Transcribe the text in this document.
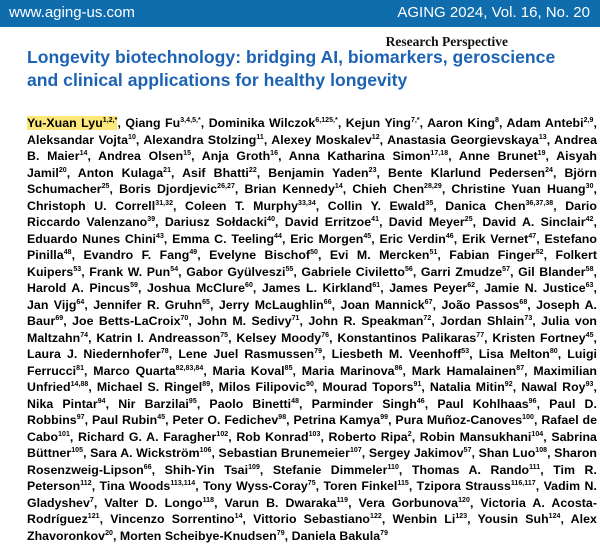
www.aging-us.com	AGING 2024, Vol. 16, No. 20
Research Perspective
Longevity biotechnology: bridging AI, biomarkers, geroscience and clinical applications for healthy longevity
Yu-Xuan Lyu$^{1,2,*}$, Qiang $Fu^{3,4,5,*}$, Dominika Wilczok$^{6,125,*}$, Kejun Ying$^{7,*}$, Aaron King$^8$, Adam Antebi$^{2,9}$, Aleksandar Vojta$^{10}$, Alexandra Stolzing$^{11}$, Alexey Moskalev$^{12}$, Anastasia Georgievskaya$^{13}$, Andrea B. Maier$^{14}$, Andrea Olsen$^{15}$, Anja Groth$^{16}$, Anna Katharina Simon$^{17,18}$, Anne Brunet$^{19}$, Aisyah Jamil$^{20}$, Anton Kulaga$^{21}$, Asif Bhatti$^{22}$, Benjamin Yaden$^{23}$, Bente Klarlund Pedersen$^{24}$, Björn Schumacher$^{25}$, Boris Djordjevic$^{26,27}$, Brian Kennedy$^{14}$, Chieh Chen$^{28,29}$, Christine Yuan Huang$^{30}$, Christoph U. Correll$^{31,32}$, Coleen T. Murphy$^{33,34}$, Collin Y. Ewald$^{35}$, Danica Chen$^{36,37,38}$, Dario Riccardo Valenzano$^{39}$, Dariusz Sołdacki$^{40}$, David Erritzoe$^{41}$, David Meyer$^{25}$, David A. Sinclair$^{42}$, Eduardo Nunes Chini$^{43}$, Emma C. Teeling$^{44}$, Eric Morgen$^{45}$, Eric Verdin$^{46}$, Erik Vernet$^{47}$, Estefano Pinilla$^{48}$, Evandro F. Fang$^{49}$, Evelyne Bischof$^{50}$, Evi M. Mercken$^{51}$, Fabian Finger$^{52}$, Folkert Kuipers$^{53}$, Frank W. Pun$^{54}$, Gabor Gyülveszi$^{55}$, Gabriele Civiletto$^{56}$, Garri Zmudze$^{57}$, Gil Blander$^{58}$, Harold A. Pincus$^{59}$, Joshua McClure$^{60}$, James L. Kirkland$^{61}$, James Peyer$^{62}$, Jamie N. Justice$^{63}$, Jan Vijg$^{64}$, Jennifer R. Gruhn$^{65}$, Jerry McLaughlin$^{66}$, Joan Mannick$^{67}$, João Passos$^{68}$, Joseph A. Baur$^{69}$, Joe Betts-LaCroix$^{70}$, John M. Sedivy$^{71}$, John R. Speakman$^{72}$, Jordan Shlain$^{73}$, Julia von Maltzahn$^{74}$, Katrin I. Andreasson$^{75}$, Kelsey Moody$^{76}$, Konstantinos Palikaras$^{77}$, Kristen Fortney$^{45}$, Laura J. Niedernhofer$^{78}$, Lene Juel Rasmussen$^{79}$, Liesbeth M. Veenhoff$^{53}$, Lisa Melton$^{80}$, Luigi Ferrucci$^{81}$, Marco Quarta$^{82,83,84}$, Maria Koval$^{85}$, Maria Marinova$^{86}$, Mark Hamalainen$^{87}$, Maximilian Unfried$^{14,88}$, Michael S. Ringel$^{89}$, Milos Filipovic$^{90}$, Mourad Topors$^{91}$, Natalia Mitin$^{92}$, Nawal Roy$^{93}$, Nika Pintar$^{94}$, Nir Barzilai$^{95}$, Paolo Binetti$^{48}$, Parminder Singh$^{46}$, Paul Kohlhaas$^{96}$, Paul D. Robbins$^{97}$, Paul Rubin$^{45}$, Peter O. Fedichev$^{98}$, Petrina Kamya$^{99}$, Pura Muñoz-Canoves$^{100}$, Rafael de Cabo$^{101}$, Richard G. A. Faragher$^{102}$, Rob Konrad$^{103}$, Roberto Ripa$^2$, Robin Mansukhani$^{104}$, Sabrina Büttner$^{105}$, Sara A. Wickström$^{106}$, Sebastian Brunemeier$^{107}$, Sergey Jakimov$^{57}$, Shan Luo$^{108}$, Sharon Rosenzweig-Lipson$^{66}$, Shih-Yin Tsai$^{109}$, Stefanie Dimmeler$^{110}$, Thomas A. Rando$^{111}$, Tim R. Peterson$^{112}$, Tina Woods$^{113,114}$, Tony Wyss-Coray$^{75}$, Toren Finkel$^{115}$, Tzipora Strauss$^{116,117}$, Vadim N. Gladyshev$^7$, Valter D. Longo$^{118}$, Varun B. Dwaraka$^{119}$, Vera Gorbunova$^{120}$, Victoria A. Acosta-Rodríguez$^{121}$, Vincenzo Sorrentino$^{14}$, Vittorio Sebastiano$^{122}$, Wenbin Li$^{123}$, Yousin Suh$^{124}$, Alex Zhavoronkov$^{20}$, Morten Scheibye-Knudsen$^{79}$, Daniela Bakula$^{79}$
